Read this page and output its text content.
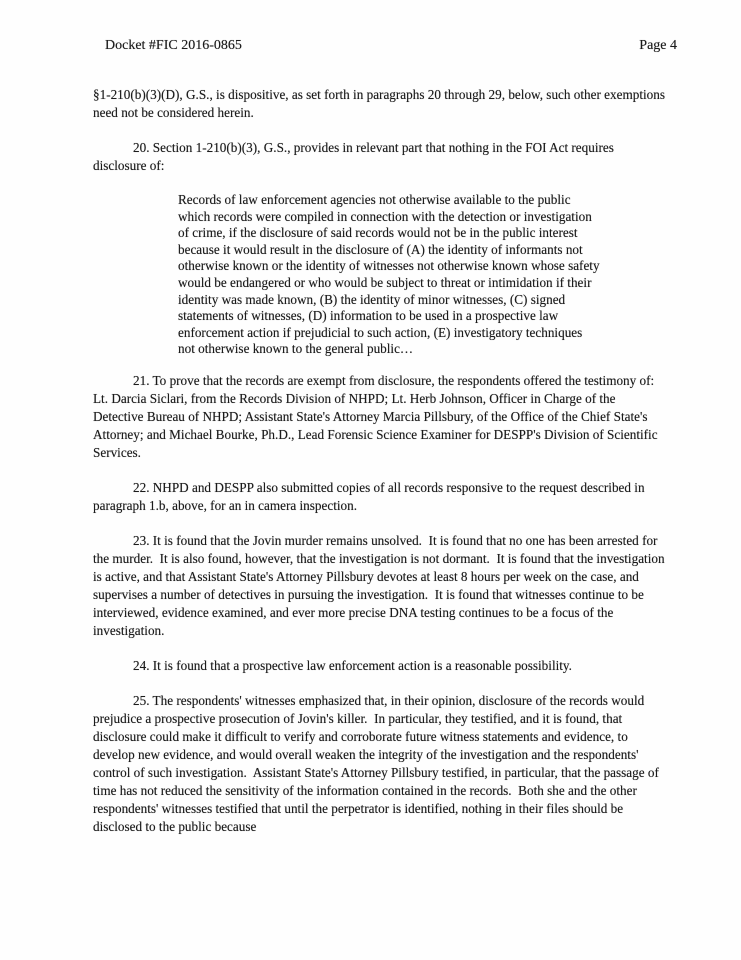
Docket #FIC 2016-0865	Page 4

§1-210(b)(3)(D), G.S., is dispositive, as set forth in paragraphs 20 through 29, below, such other exemptions need not be considered herein.

20. Section 1-210(b)(3), G.S., provides in relevant part that nothing in the FOI Act requires disclosure of:

Records of law enforcement agencies not otherwise available to the public which records were compiled in connection with the detection or investigation of crime, if the disclosure of said records would not be in the public interest because it would result in the disclosure of (A) the identity of informants not otherwise known or the identity of witnesses not otherwise known whose safety would be endangered or who would be subject to threat or intimidation if their identity was made known, (B) the identity of minor witnesses, (C) signed statements of witnesses, (D) information to be used in a prospective law enforcement action if prejudicial to such action, (E) investigatory techniques not otherwise known to the general public…

21. To prove that the records are exempt from disclosure, the respondents offered the testimony of:  Lt. Darcia Siclari, from the Records Division of NHPD; Lt. Herb Johnson, Officer in Charge of the Detective Bureau of NHPD; Assistant State's Attorney Marcia Pillsbury, of the Office of the Chief State's Attorney; and Michael Bourke, Ph.D., Lead Forensic Science Examiner for DESPP's Division of Scientific Services.

22. NHPD and DESPP also submitted copies of all records responsive to the request described in paragraph 1.b, above, for an in camera inspection.

23. It is found that the Jovin murder remains unsolved.  It is found that no one has been arrested for the murder.  It is also found, however, that the investigation is not dormant.  It is found that the investigation is active, and that Assistant State's Attorney Pillsbury devotes at least 8 hours per week on the case, and supervises a number of detectives in pursuing the investigation.  It is found that witnesses continue to be interviewed, evidence examined, and ever more precise DNA testing continues to be a focus of the investigation.

24. It is found that a prospective law enforcement action is a reasonable possibility.

25. The respondents' witnesses emphasized that, in their opinion, disclosure of the records would prejudice a prospective prosecution of Jovin's killer.  In particular, they testified, and it is found, that disclosure could make it difficult to verify and corroborate future witness statements and evidence, to develop new evidence, and would overall weaken the integrity of the investigation and the respondents' control of such investigation.  Assistant State's Attorney Pillsbury testified, in particular, that the passage of time has not reduced the sensitivity of the information contained in the records.  Both she and the other respondents' witnesses testified that until the perpetrator is identified, nothing in their files should be disclosed to the public because
